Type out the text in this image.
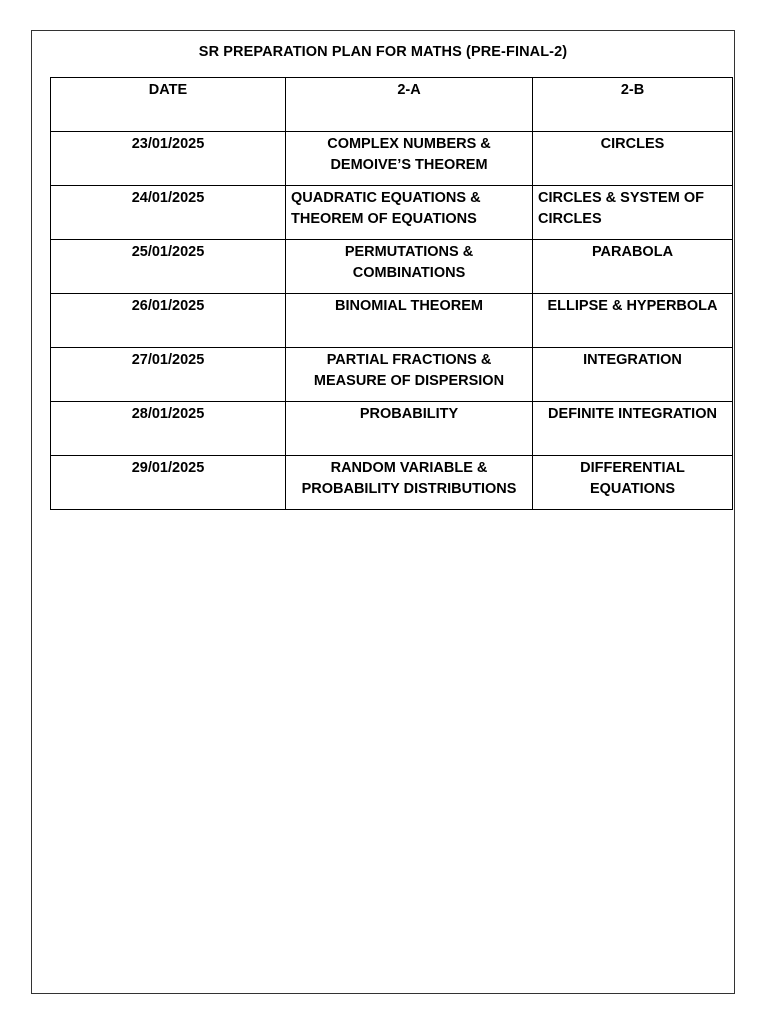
SR PREPARATION PLAN FOR MATHS (PRE-FINAL-2)
DATE	2-A	2-B
23/01/2025	COMPLEX NUMBERS & DEMOIVE’S THEOREM	CIRCLES
24/01/2025	QUADRATIC EQUATIONS & THEOREM OF EQUATIONS	CIRCLES & SYSTEM OF CIRCLES
25/01/2025	PERMUTATIONS & COMBINATIONS	PARABOLA
26/01/2025	BINOMIAL THEOREM	ELLIPSE & HYPERBOLA
27/01/2025	PARTIAL FRACTIONS & MEASURE OF DISPERSION	INTEGRATION
28/01/2025	PROBABILITY	DEFINITE INTEGRATION
29/01/2025	RANDOM VARIABLE & PROBABILITY DISTRIBUTIONS	DIFFERENTIAL EQUATIONS
